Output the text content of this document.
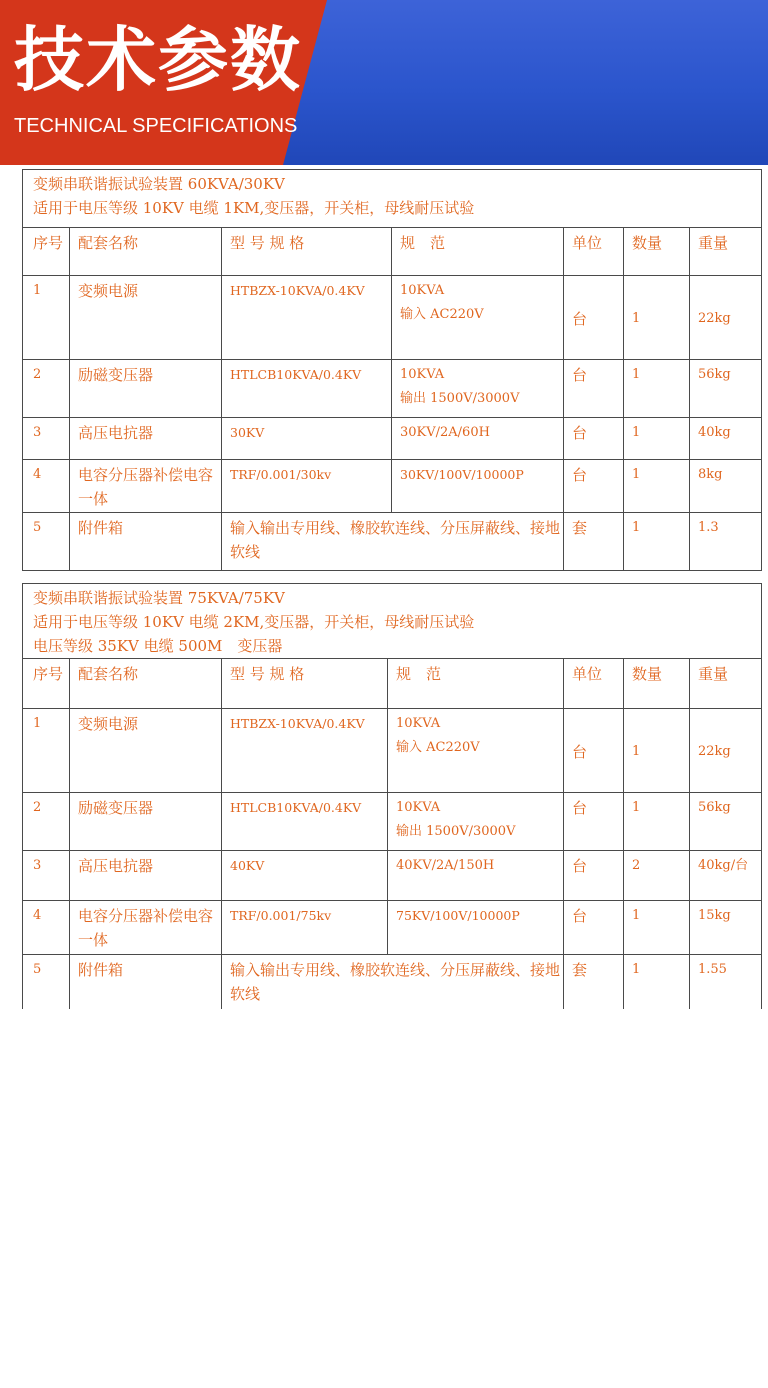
技术参数
TECHNICAL SPECIFICATIONS
变频串联谐振试验装置 60KVA/30KV
适用于电压等级 10KV 电缆 1KM,变压器，开关柜，母线耐压试验						

序号	配套名称	型 号 规 格	规　范	单位	数量	重量
1	变频电源	HTBZX-10KVA/0.4KV	10KVA
输入 AC220V	台	1	22kg
2	励磁变压器	HTLCB10KVA/0.4KV	10KVA
输出 1500V/3000V	台	1	56kg
3	高压电抗器	30KV	30KV/2A/60H	台	1	40kg
4	电容分压器补偿电容一体	TRF/0.001/30kv	30KV/100V/10000P	台	1	8kg
5	附件箱	输入输出专用线、橡胶软连线、分压屏蔽线、接地软线		套	1	1.3
变频串联谐振试验装置 75KVA/75KV
适用于电压等级 10KV 电缆 2KM,变压器，开关柜，母线耐压试验
电压等级 35KV 电缆 500M　变压器						

序号	配套名称	型 号 规 格	规　范	单位	数量	重量
1	变频电源	HTBZX-10KVA/0.4KV	10KVA
输入 AC220V	台	1	22kg
2	励磁变压器	HTLCB10KVA/0.4KV	10KVA
输出 1500V/3000V	台	1	56kg
3	高压电抗器	40KV	40KV/2A/150H	台	2	40kg/台
4	电容分压器补偿电容一体	TRF/0.001/75kv	75KV/100V/10000P	台	1	15kg
5	附件箱	输入输出专用线、橡胶软连线、分压屏蔽线、接地软线		套	1	1.55
